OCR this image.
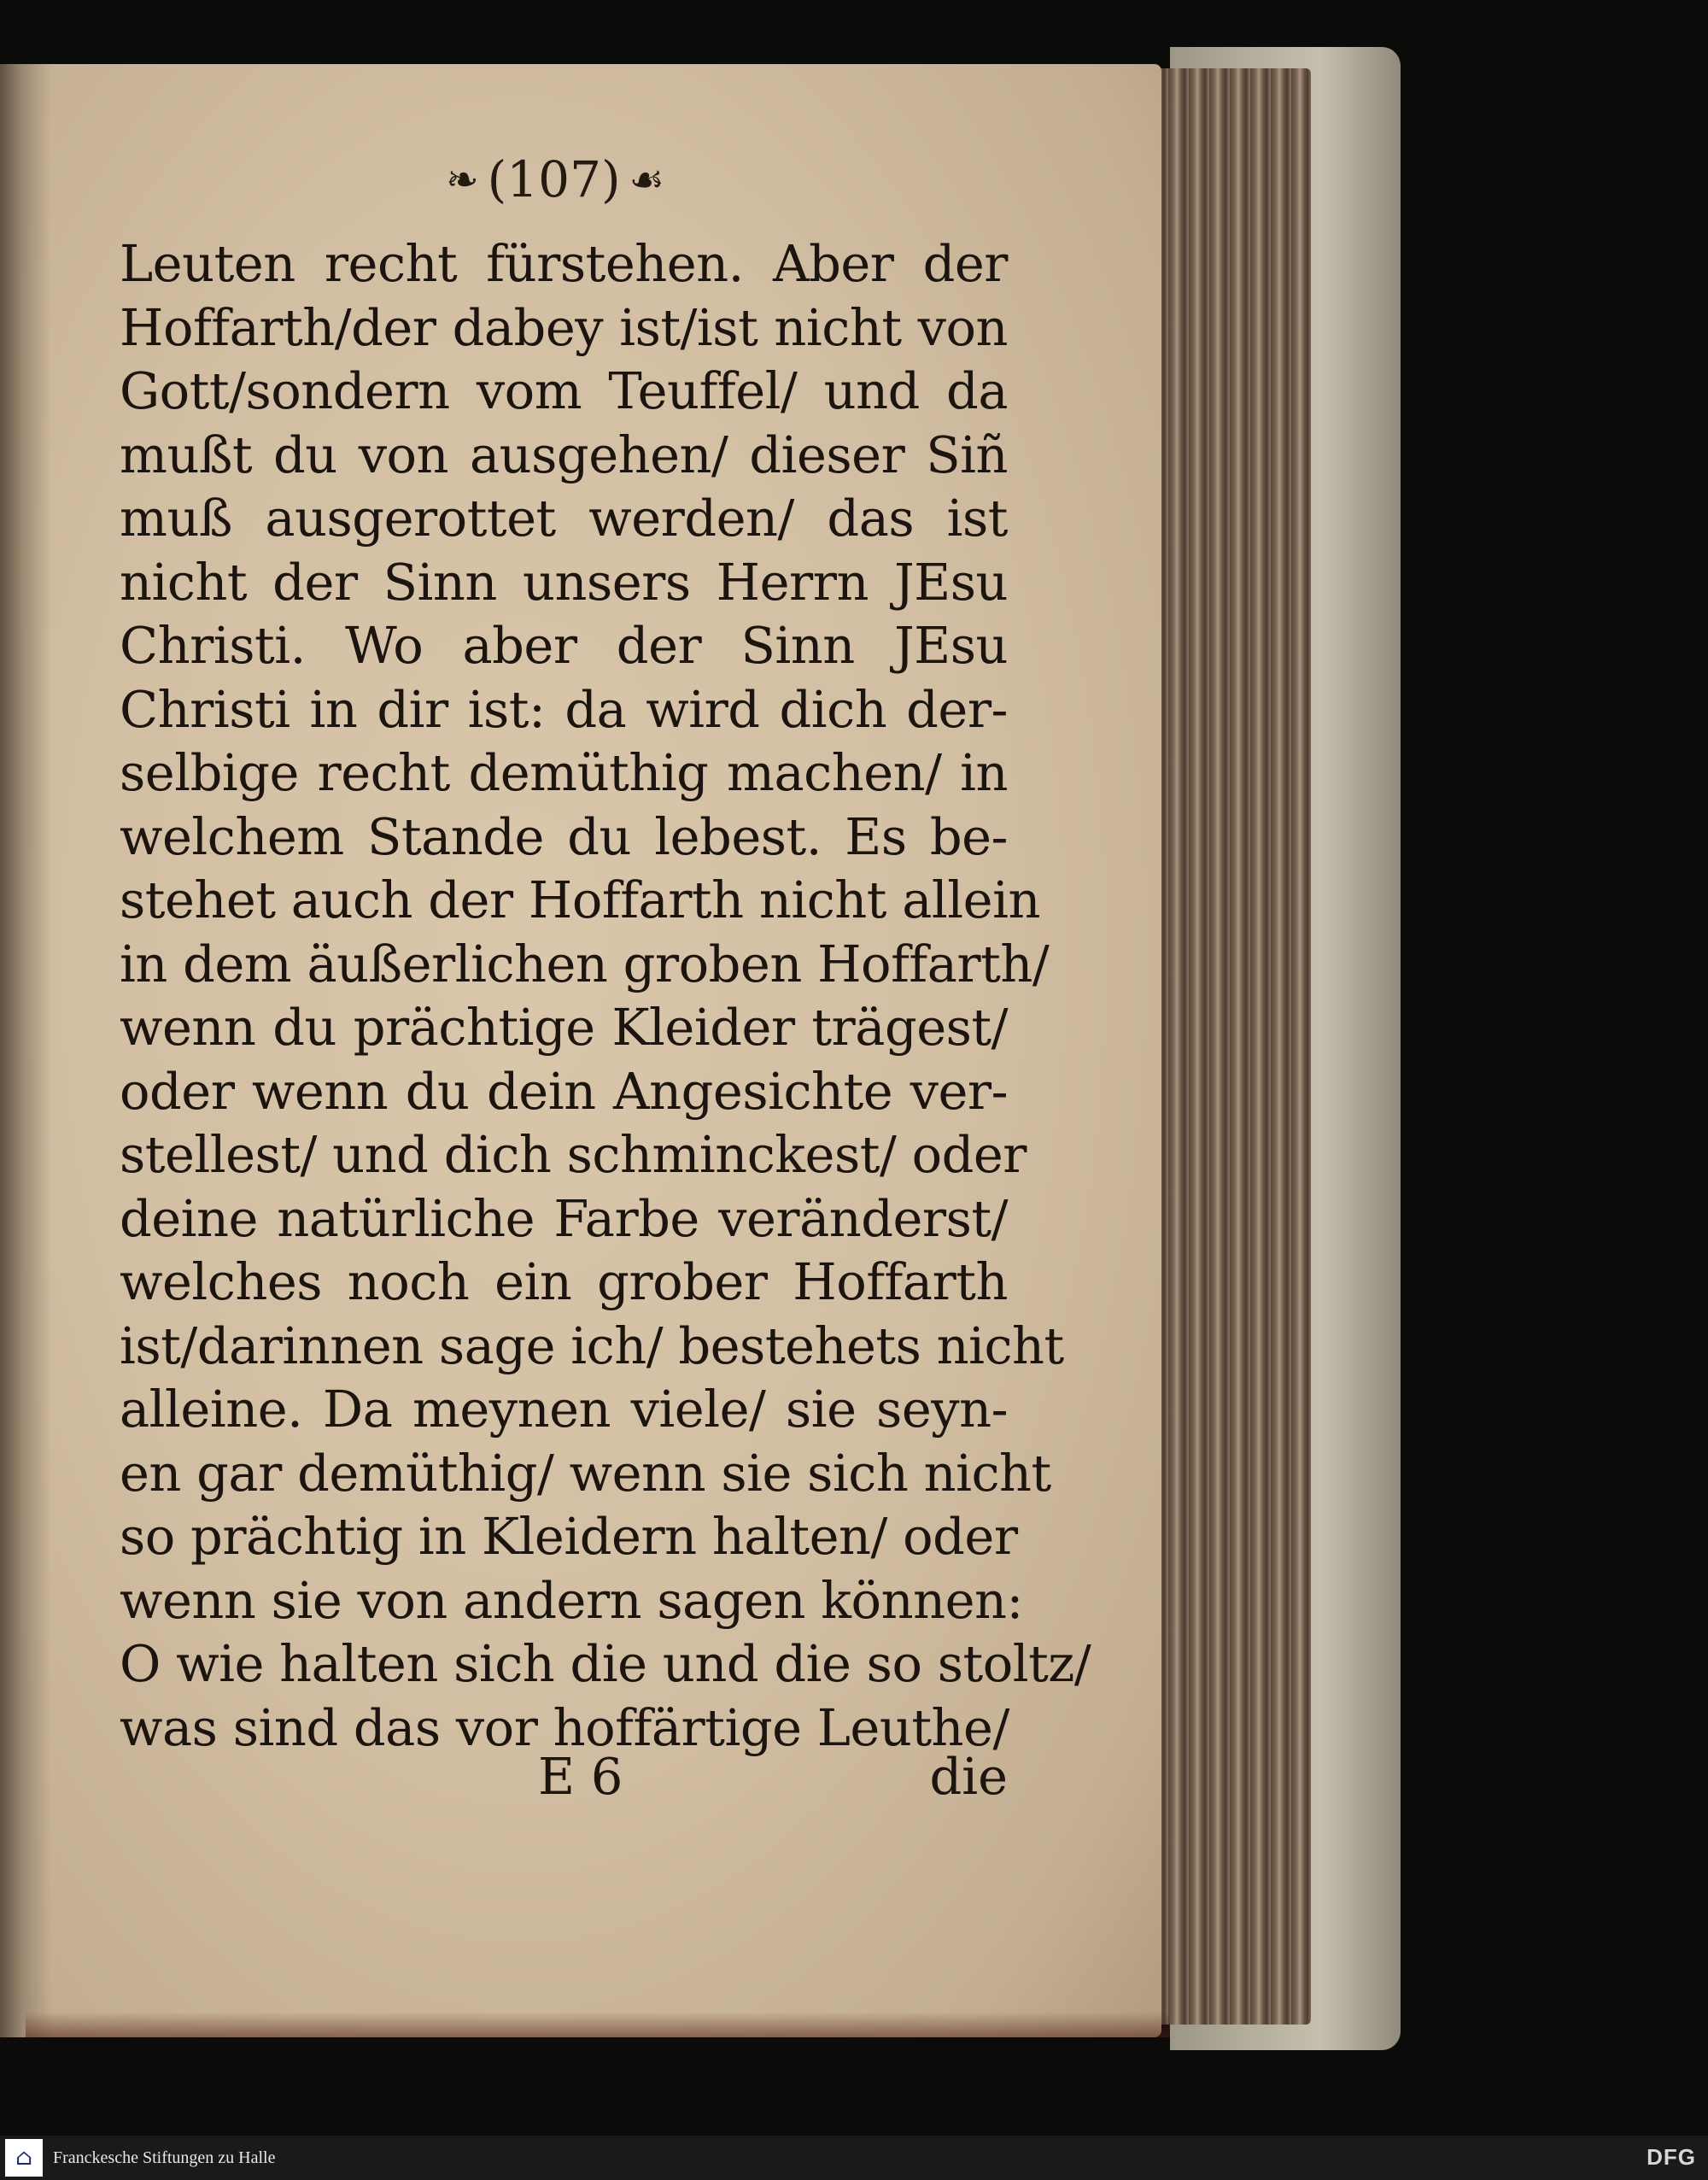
❧ (107) ☙
Leuten recht fürstehen. Aber der
Hoffarth/der dabey ist/ist nicht von
Gott/sondern vom Teuffel/ und da
mußt du von ausgehen/ dieser Siñ
muß ausgerottet werden/ das ist
nicht der Sinn unsers Herrn JEsu
Christi. Wo aber der Sinn JEsu
Christi in dir ist: da wird dich der-
selbige recht demüthig machen/ in
welchem Stande du lebest. Es be-
stehet auch der Hoffarth nicht allein
in dem äußerlichen groben Hoffarth/
wenn du prächtige Kleider trägest/
oder wenn du dein Angesichte ver-
stellest/ und dich schminckest/ oder
deine natürliche Farbe veränderst/
welches noch ein grober Hoffarth
ist/darinnen sage ich/ bestehets nicht
alleine. Da meynen viele/ sie seyn-
en gar demüthig/ wenn sie sich nicht
so prächtig in Kleidern halten/ oder
wenn sie von andern sagen können:
O wie halten sich die und die so stoltz/
was sind das vor hoffärtige Leuthe/
E 6	die
⌂	Franckesche Stiftungen zu Halle	DFG
